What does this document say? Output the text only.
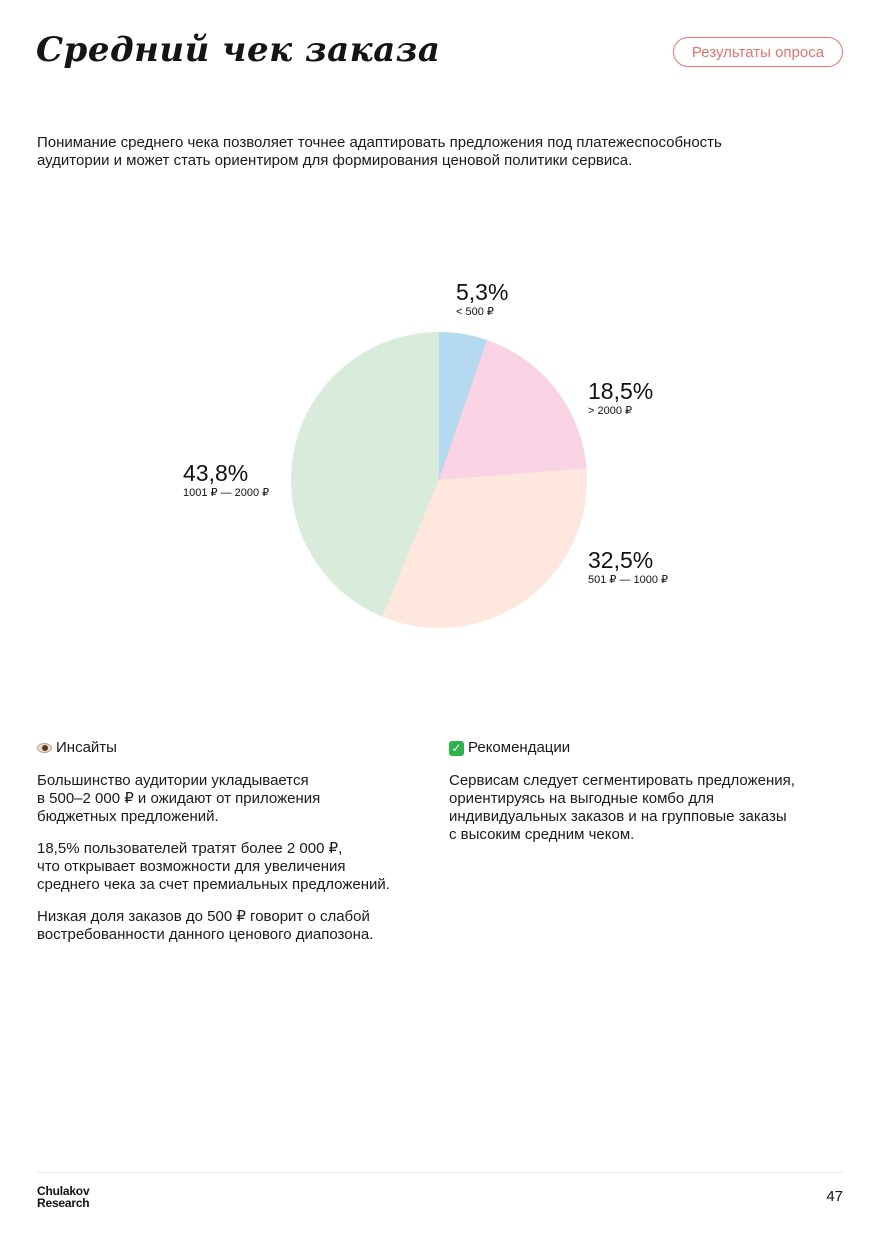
Средний чек заказа	Результаты опроса

Понимание среднего чека позволяет точнее адаптировать предложения под платежеспособность аудитории и может стать ориентиром для формирования ценовой политики сервиса.

5,3%
< 500 ₽
18,5%
> 2000 ₽
32,5%
501 ₽ — 1000 ₽
43,8%
1001 ₽ — 2000 ₽
Инсайты

Большинство аудитории укладывается
в 500–2 000 ₽ и ожидают от приложения
бюджетных предложений.

18,5% пользователей тратят более 2 000 ₽,
что открывает возможности для увеличения
среднего чека за счет премиальных предложений.

Низкая доля заказов до 500 ₽ говорит о слабой
востребованности данного ценового диапозона.

✓ Рекомендации

Сервисам следует сегментировать предложения,
ориентируясь на выгодные комбо для
индивидуальных заказов и на групповые заказы
с высоким средним чеком.

Chulakov
Research	47
